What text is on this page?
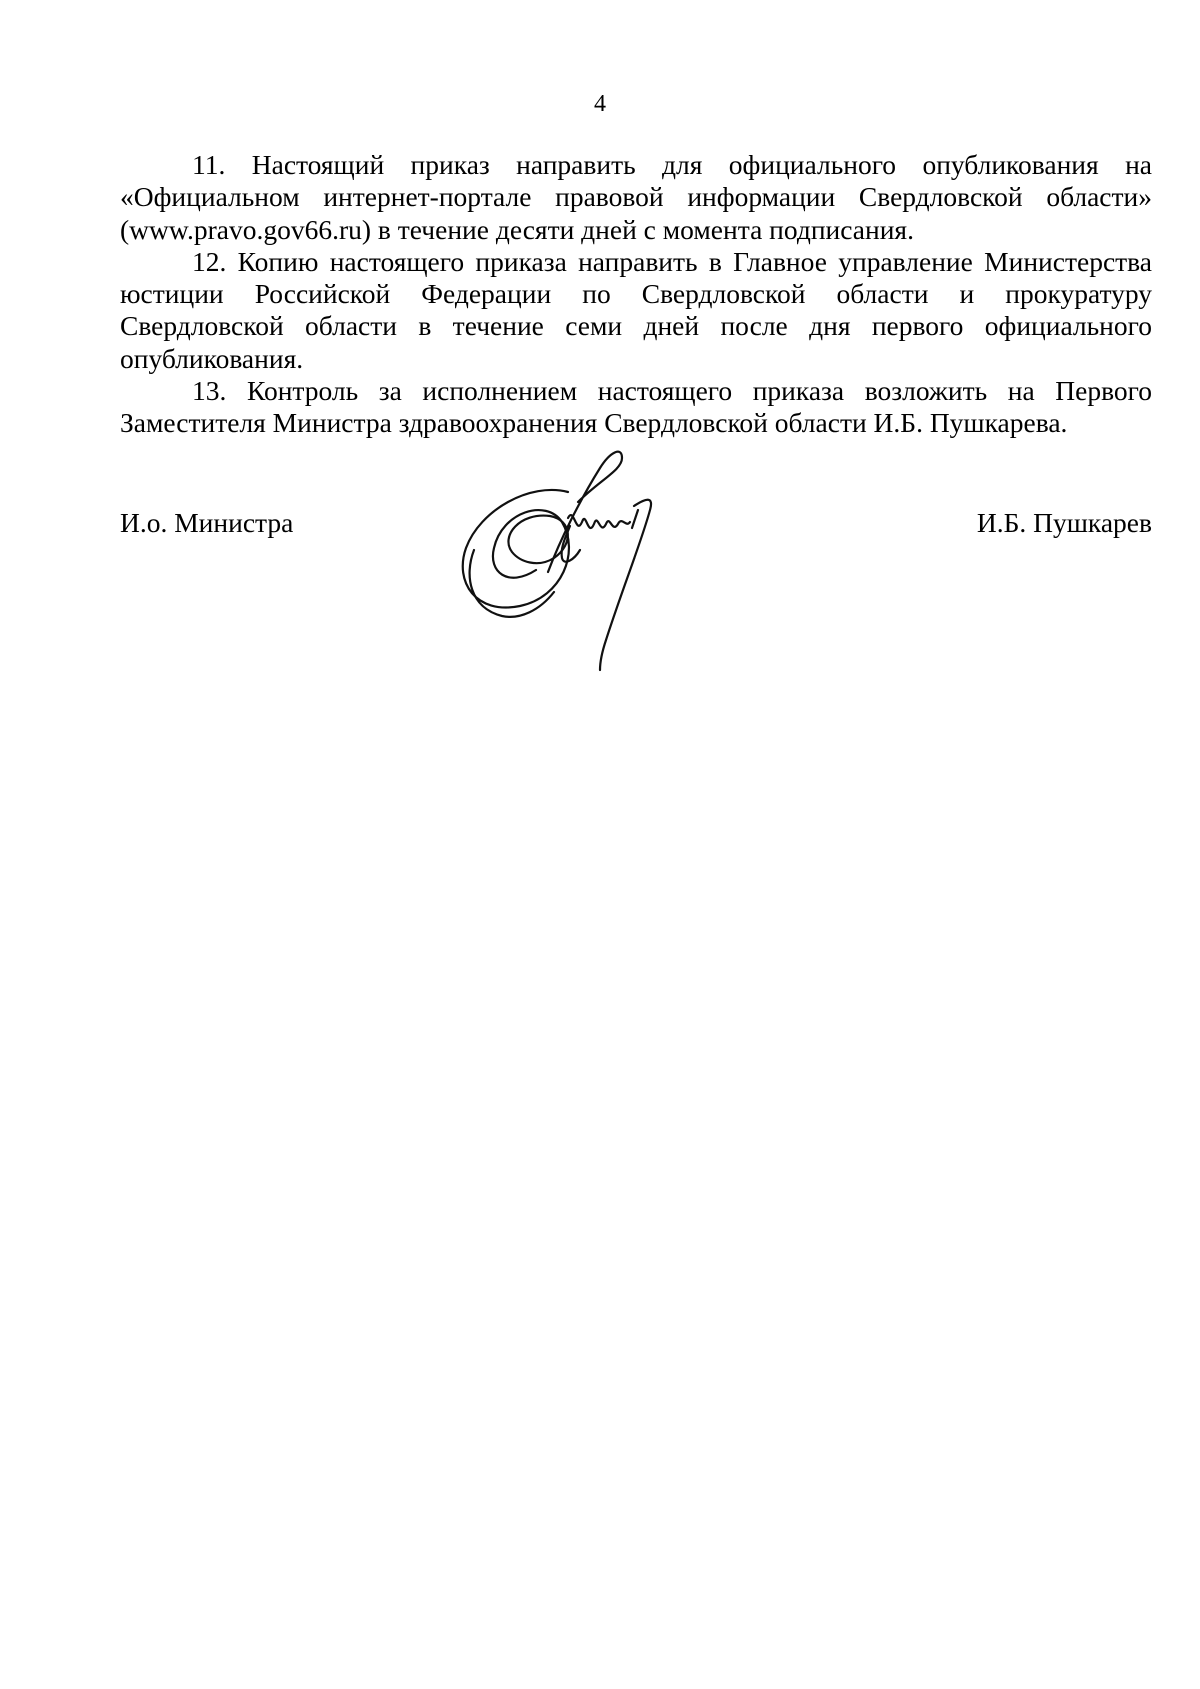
4

11. Настоящий приказ направить для официального опубликования на «Официальном интернет-портале правовой информации Свердловской области» (www.pravo.gov66.ru) в течение десяти дней с момента подписания.

12. Копию настоящего приказа направить в Главное управление Министерства юстиции Российской Федерации по Свердловской области и прокуратуру Свердловской области в течение семи дней после дня первого официального опубликования.

13. Контроль за исполнением настоящего приказа возложить на Первого Заместителя Министра здравоохранения Свердловской области И.Б. Пушкарева.

И.о. Министра	И.Б. Пушкарев
